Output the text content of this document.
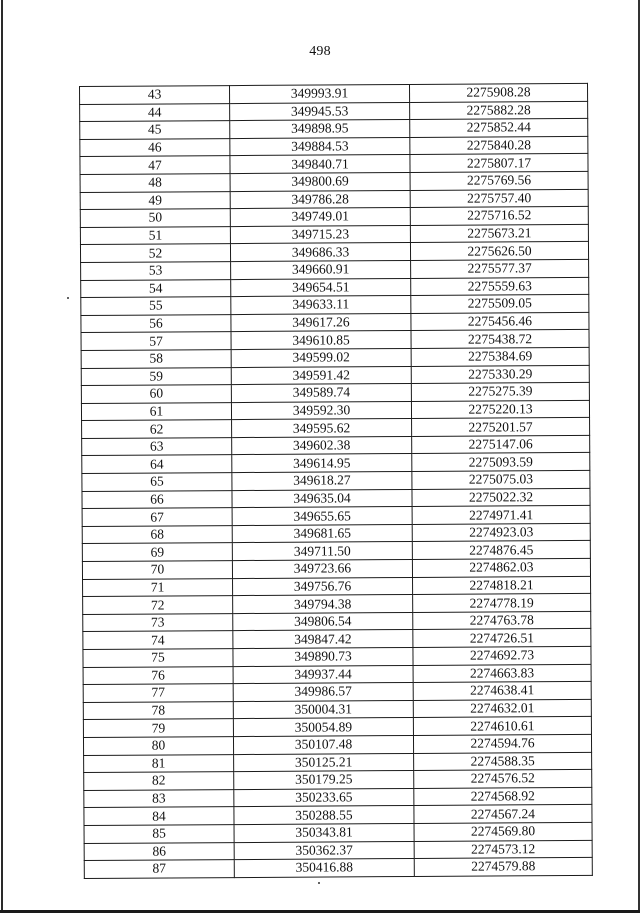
498
43	349993.91	2275908.28
44	349945.53	2275882.28
45	349898.95	2275852.44
46	349884.53	2275840.28
47	349840.71	2275807.17
48	349800.69	2275769.56
49	349786.28	2275757.40
50	349749.01	2275716.52
51	349715.23	2275673.21
52	349686.33	2275626.50
53	349660.91	2275577.37
54	349654.51	2275559.63
55	349633.11	2275509.05
56	349617.26	2275456.46
57	349610.85	2275438.72
58	349599.02	2275384.69
59	349591.42	2275330.29
60	349589.74	2275275.39
61	349592.30	2275220.13
62	349595.62	2275201.57
63	349602.38	2275147.06
64	349614.95	2275093.59
65	349618.27	2275075.03
66	349635.04	2275022.32
67	349655.65	2274971.41
68	349681.65	2274923.03
69	349711.50	2274876.45
70	349723.66	2274862.03
71	349756.76	2274818.21
72	349794.38	2274778.19
73	349806.54	2274763.78
74	349847.42	2274726.51
75	349890.73	2274692.73
76	349937.44	2274663.83
77	349986.57	2274638.41
78	350004.31	2274632.01
79	350054.89	2274610.61
80	350107.48	2274594.76
81	350125.21	2274588.35
82	350179.25	2274576.52
83	350233.65	2274568.92
84	350288.55	2274567.24
85	350343.81	2274569.80
86	350362.37	2274573.12
87	350416.88	2274579.88
